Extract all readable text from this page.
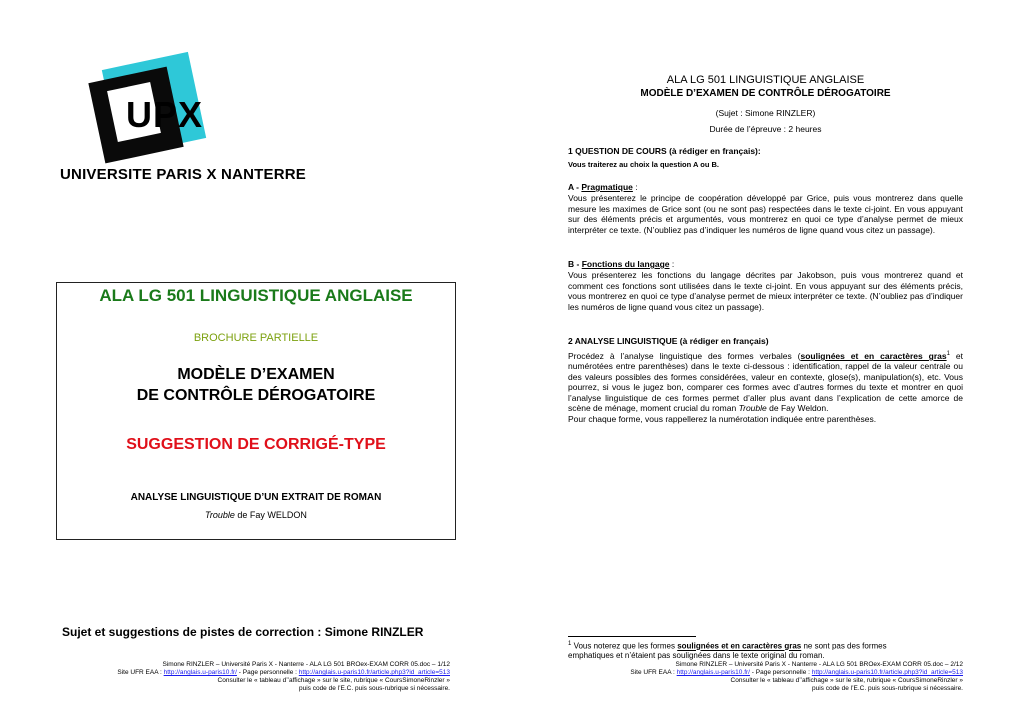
UPX
UNIVERSITE PARIS X NANTERRE
ALA LG 501 LINGUISTIQUE ANGLAISE
BROCHURE PARTIELLE
MODÈLE D’EXAMEN
DE CONTRÔLE DÉROGATOIRE
SUGGESTION DE CORRIGÉ-TYPE
ANALYSE LINGUISTIQUE D’UN EXTRAIT DE ROMAN
Trouble de Fay WELDON
Sujet et suggestions de pistes de correction : Simone RINZLER
Simone RINZLER – Université Paris X - Nanterre - ALA LG 501 BROex-EXAM CORR 05.doc – 1/12
Site UFR EAA : http://anglais.u-paris10.fr/ - Page personnelle : http://anglais.u-paris10.fr/article.php3?id_article=513
Consulter le « tableau d’’affichage » sur le site, rubrique « CoursSimoneRinzler »
puis code de l’E.C. puis sous-rubrique si nécessaire.
ALA LG 501 LINGUISTIQUE ANGLAISE
MODÈLE D’EXAMEN DE CONTRÔLE DÉROGATOIRE
(Sujet : Simone RINZLER)
Durée de l’épreuve : 2 heures
1 QUESTION DE COURS (à rédiger en français):
Vous traiterez au choix la question A ou B.
A - Pragmatique :
Vous présenterez le principe de coopération développé par Grice, puis vous montrerez dans quelle mesure les maximes de Grice sont (ou ne sont pas) respectées dans le texte ci-joint. En vous appuyant sur des éléments précis et argumentés, vous montrerez en quoi ce type d’analyse permet de mieux interpréter ce texte. (N’oubliez pas d’indiquer les numéros de ligne quand vous citez un passage).
B - Fonctions du langage :
Vous présenterez les fonctions du langage décrites par Jakobson, puis vous montrerez quand et comment ces fonctions sont utilisées dans le texte ci-joint. En vous appuyant sur des éléments précis, vous montrerez en quoi ce type d’analyse permet de mieux interpréter ce texte. (N’oubliez pas d’indiquer les numéros de ligne quand vous citez un passage).
2 ANALYSE LINGUISTIQUE (à rédiger en français)
Procédez à l’analyse linguistique des formes verbales (soulignées et en caractères gras$^1$ et numérotées entre parenthèses) dans le texte ci-dessous : identification, rappel de la valeur centrale ou des valeurs possibles des formes considérées, valeur en contexte, glose(s), manipulation(s), etc. Vous pourrez, si vous le jugez bon, comparer ces formes avec d’autres formes du texte et montrer en quoi l’analyse linguistique de ces formes permet d’aller plus avant dans l’explication de cette amorce de scène de ménage, moment crucial du roman Trouble de Fay Weldon.
Pour chaque forme, vous rappellerez la numérotation indiquée entre parenthèses.
$^1$ Vous noterez que les formes soulignées et en caractères gras ne sont pas des formes emphatiques et n’étaient pas soulignées dans le texte original du roman.
Simone RINZLER – Université Paris X - Nanterre - ALA LG 501 BROex-EXAM CORR 05.doc – 2/12
Site UFR EAA : http://anglais.u-paris10.fr/ - Page personnelle : http://anglais.u-paris10.fr/article.php3?id_article=513
Consulter le « tableau d’’affichage » sur le site, rubrique « CoursSimoneRinzler »
puis code de l’E.C. puis sous-rubrique si nécessaire.
